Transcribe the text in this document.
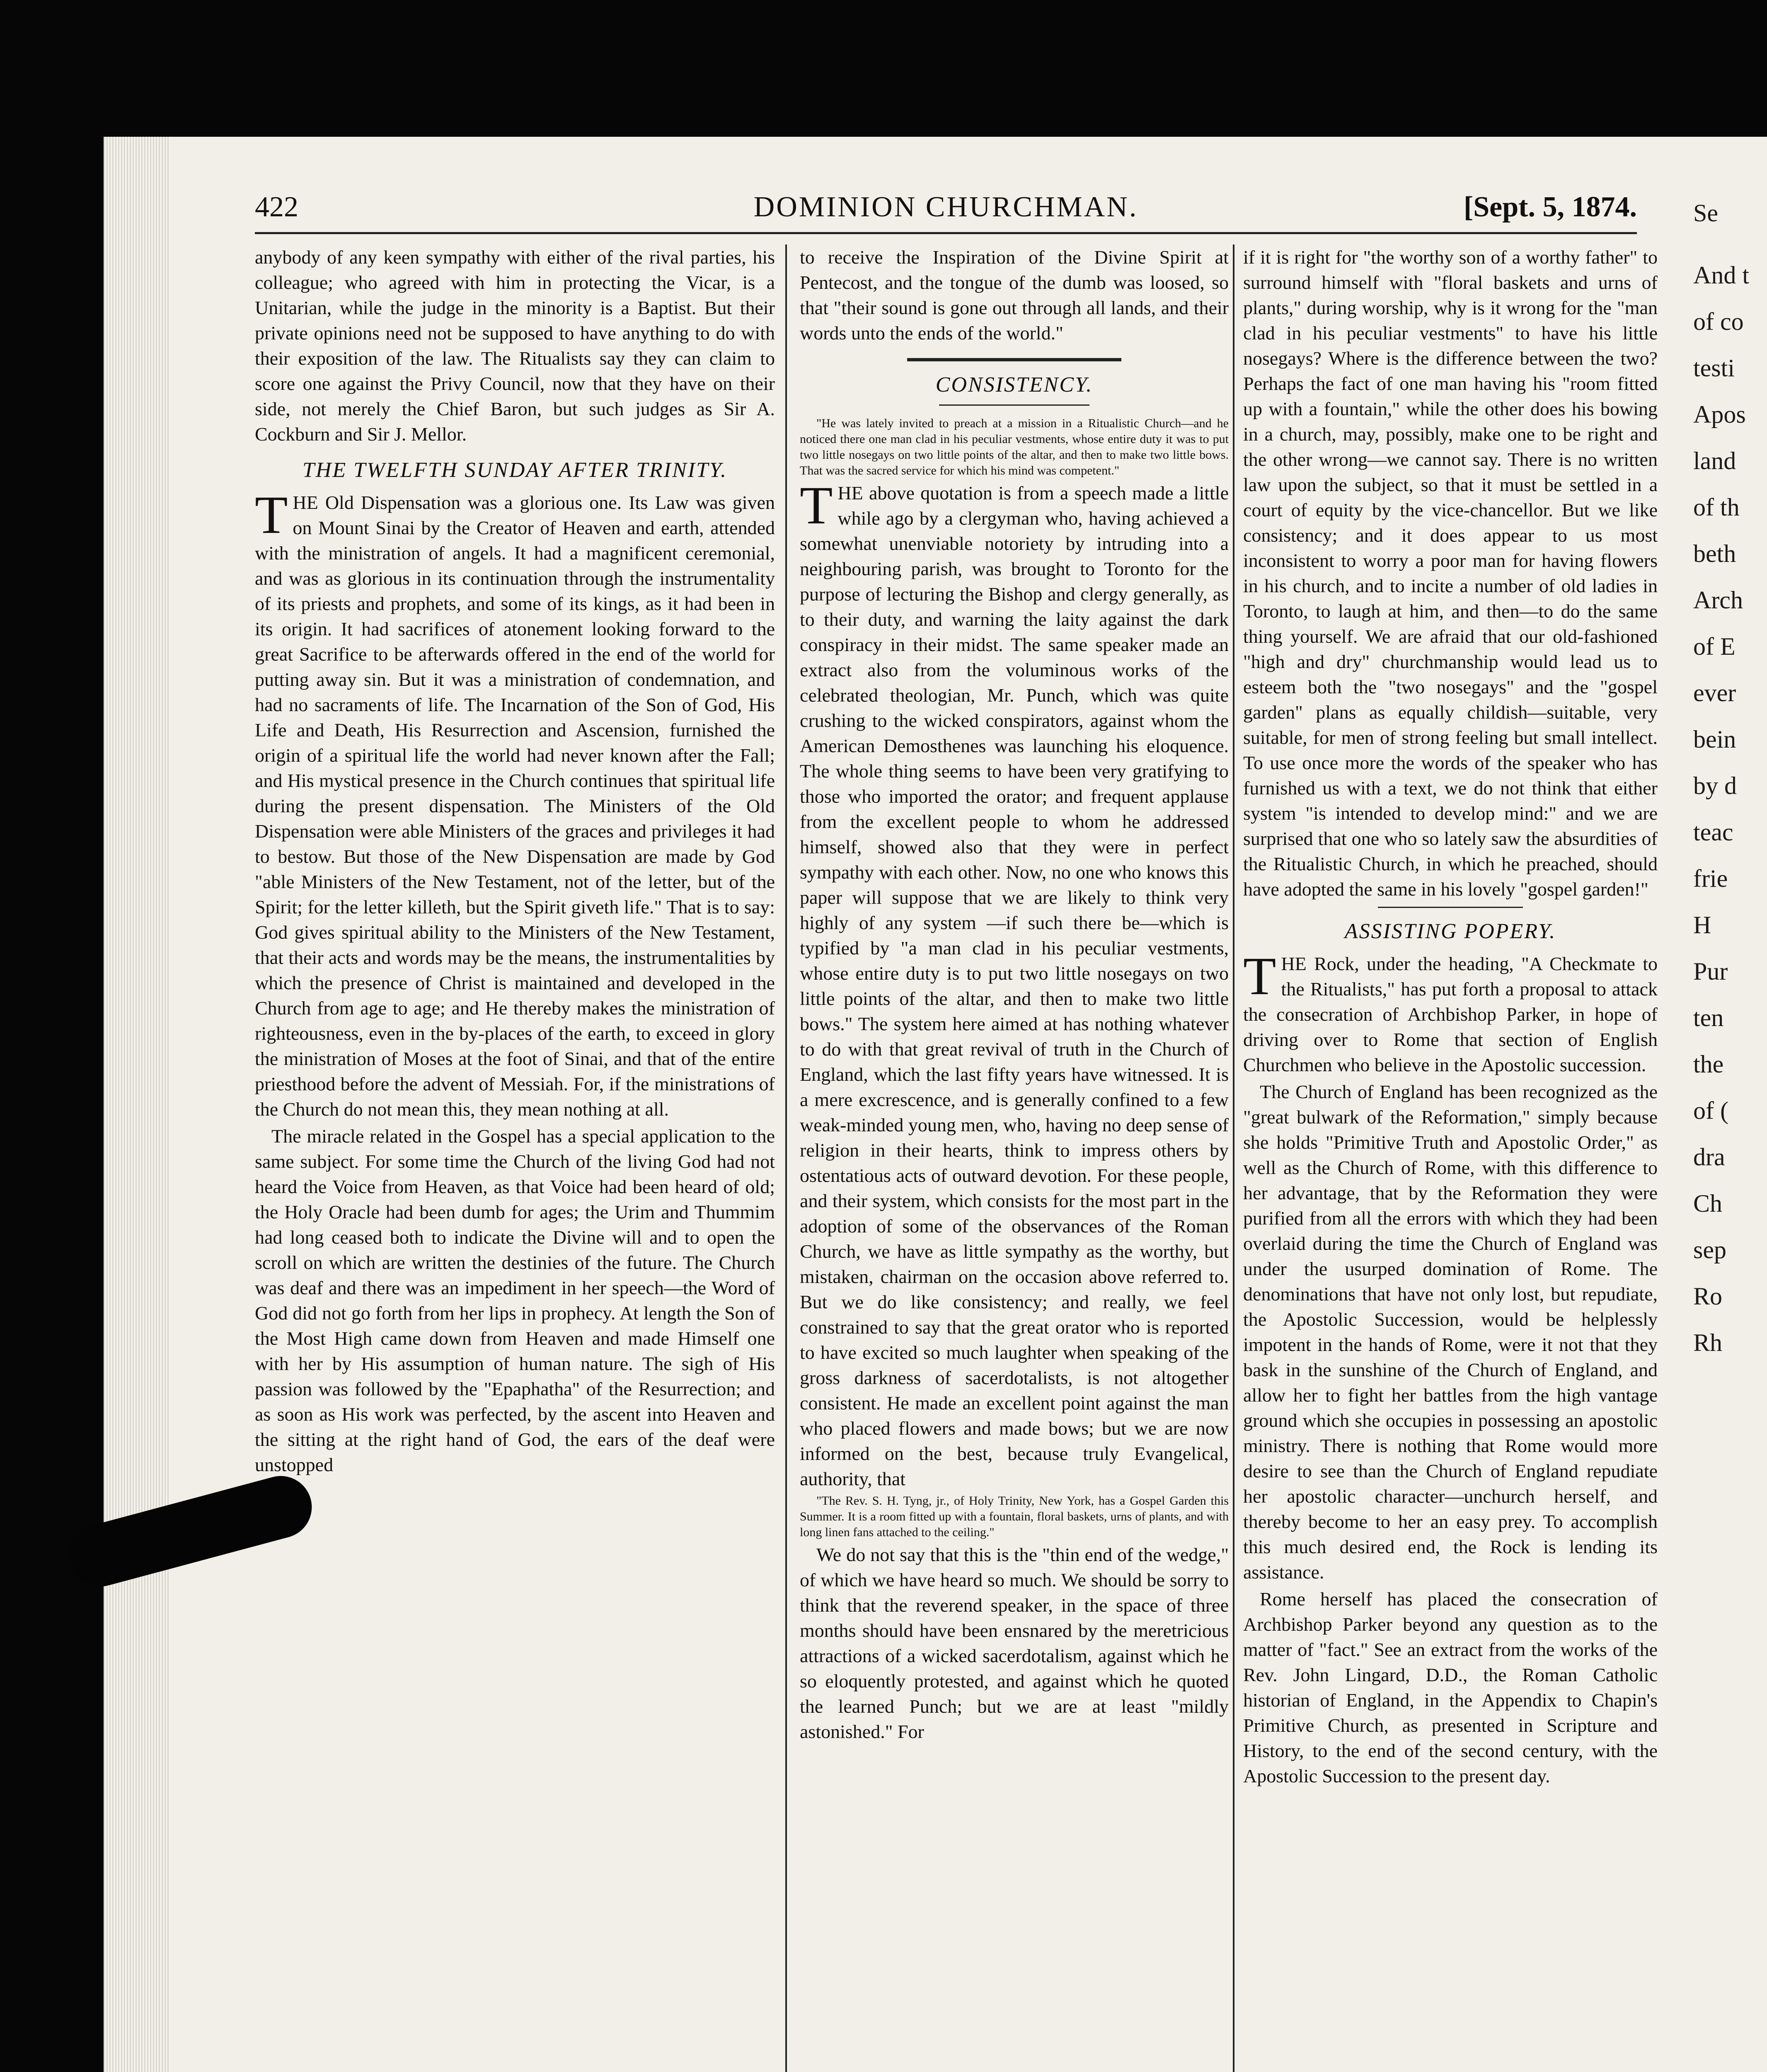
Se
And t
of co
testi
Apos
land
of th
beth
Arch
of E
ever
bein
by d
teac
frie
H
Pur
ten
the
of (
dra
Ch
sep
Ro
Rh
422	DOMINION CHURCHMAN.	[Sept. 5, 1874.

anybody of any keen sympathy with either of the rival parties, his colleague; who agreed with him in protecting the Vicar, is a Unitarian, while the judge in the minority is a Baptist. But their private opinions need not be supposed to have anything to do with their exposition of the law. The Ritualists say they can claim to score one against the Privy Council, now that they have on their side, not merely the Chief Baron, but such judges as Sir A. Cockburn and Sir J. Mellor.

THE TWELFTH SUNDAY AFTER TRINITY.

THE Old Dispensation was a glorious one. Its Law was given on Mount Sinai by the Creator of Heaven and earth, attended with the ministration of angels. It had a magnificent ceremonial, and was as glorious in its continuation through the instrumentality of its priests and prophets, and some of its kings, as it had been in its origin. It had sacrifices of atonement looking forward to the great Sacrifice to be afterwards offered in the end of the world for putting away sin. But it was a ministration of condemnation, and had no sacraments of life. The Incarnation of the Son of God, His Life and Death, His Resurrection and Ascension, furnished the origin of a spiritual life the world had never known after the Fall; and His mystical presence in the Church continues that spiritual life during the present dispensation. The Ministers of the Old Dispensation were able Ministers of the graces and privileges it had to bestow. But those of the New Dispensation are made by God "able Ministers of the New Testament, not of the letter, but of the Spirit; for the letter killeth, but the Spirit giveth life." That is to say: God gives spiritual ability to the Ministers of the New Testament, that their acts and words may be the means, the instrumentalities by which the presence of Christ is maintained and developed in the Church from age to age; and He thereby makes the ministration of righteousness, even in the by-places of the earth, to exceed in glory the ministration of Moses at the foot of Sinai, and that of the entire priesthood before the advent of Messiah. For, if the ministrations of the Church do not mean this, they mean nothing at all.

The miracle related in the Gospel has a special application to the same subject. For some time the Church of the living God had not heard the Voice from Heaven, as that Voice had been heard of old; the Holy Oracle had been dumb for ages; the Urim and Thummim had long ceased both to indicate the Divine will and to open the scroll on which are written the destinies of the future. The Church was deaf and there was an impediment in her speech—the Word of God did not go forth from her lips in prophecy. At length the Son of the Most High came down from Heaven and made Himself one with her by His assumption of human nature. The sigh of His passion was followed by the "Epaphatha" of the Resurrection; and as soon as His work was perfected, by the ascent into Heaven and the sitting at the right hand of God, the ears of the deaf were unstopped

to receive the Inspiration of the Divine Spirit at Pentecost, and the tongue of the dumb was loosed, so that "their sound is gone out through all lands, and their words unto the ends of the world."

CONSISTENCY.

"He was lately invited to preach at a mission in a Ritualistic Church—and he noticed there one man clad in his peculiar vestments, whose entire duty it was to put two little nosegays on two little points of the altar, and then to make two little bows. That was the sacred service for which his mind was competent."

THE above quotation is from a speech made a little while ago by a clergyman who, having achieved a somewhat unenviable notoriety by intruding into a neighbouring parish, was brought to Toronto for the purpose of lecturing the Bishop and clergy generally, as to their duty, and warning the laity against the dark conspiracy in their midst. The same speaker made an extract also from the voluminous works of the celebrated theologian, Mr. Punch, which was quite crushing to the wicked conspirators, against whom the American Demosthenes was launching his eloquence. The whole thing seems to have been very gratifying to those who imported the orator; and frequent applause from the excellent people to whom he addressed himself, showed also that they were in perfect sympathy with each other. Now, no one who knows this paper will suppose that we are likely to think very highly of any system —if such there be—which is typified by "a man clad in his peculiar vestments, whose entire duty is to put two little nosegays on two little points of the altar, and then to make two little bows." The system here aimed at has nothing whatever to do with that great revival of truth in the Church of England, which the last fifty years have witnessed. It is a mere excrescence, and is generally confined to a few weak-minded young men, who, having no deep sense of religion in their hearts, think to impress others by ostentatious acts of outward devotion. For these people, and their system, which consists for the most part in the adoption of some of the observances of the Roman Church, we have as little sympathy as the worthy, but mistaken, chairman on the occasion above referred to. But we do like consistency; and really, we feel constrained to say that the great orator who is reported to have excited so much laughter when speaking of the gross darkness of sacerdotalists, is not altogether consistent. He made an excellent point against the man who placed flowers and made bows; but we are now informed on the best, because truly Evangelical, authority, that

"The Rev. S. H. Tyng, jr., of Holy Trinity, New York, has a Gospel Garden this Summer. It is a room fitted up with a fountain, floral baskets, urns of plants, and with long linen fans attached to the ceiling."

We do not say that this is the "thin end of the wedge," of which we have heard so much. We should be sorry to think that the reverend speaker, in the space of three months should have been ensnared by the meretricious attractions of a wicked sacerdotalism, against which he so eloquently protested, and against which he quoted the learned Punch; but we are at least "mildly astonished." For

if it is right for "the worthy son of a worthy father" to surround himself with "floral baskets and urns of plants," during worship, why is it wrong for the "man clad in his peculiar vestments" to have his little nosegays? Where is the difference between the two? Perhaps the fact of one man having his "room fitted up with a fountain," while the other does his bowing in a church, may, possibly, make one to be right and the other wrong—we cannot say. There is no written law upon the subject, so that it must be settled in a court of equity by the vice-chancellor. But we like consistency; and it does appear to us most inconsistent to worry a poor man for having flowers in his church, and to incite a number of old ladies in Toronto, to laugh at him, and then—to do the same thing yourself. We are afraid that our old-fashioned "high and dry" churchmanship would lead us to esteem both the "two nosegays" and the "gospel garden" plans as equally childish—suitable, very suitable, for men of strong feeling but small intellect. To use once more the words of the speaker who has furnished us with a text, we do not think that either system "is intended to develop mind:" and we are surprised that one who so lately saw the absurdities of the Ritualistic Church, in which he preached, should have adopted the same in his lovely "gospel garden!"

ASSISTING POPERY.

THE Rock, under the heading, "A Checkmate to the Ritualists," has put forth a proposal to attack the consecration of Archbishop Parker, in hope of driving over to Rome that section of English Churchmen who believe in the Apostolic succession.

The Church of England has been recognized as the "great bulwark of the Reformation," simply because she holds "Primitive Truth and Apostolic Order," as well as the Church of Rome, with this difference to her advantage, that by the Reformation they were purified from all the errors with which they had been overlaid during the time the Church of England was under the usurped domination of Rome. The denominations that have not only lost, but repudiate, the Apostolic Succession, would be helplessly impotent in the hands of Rome, were it not that they bask in the sunshine of the Church of England, and allow her to fight her battles from the high vantage ground which she occupies in possessing an apostolic ministry. There is nothing that Rome would more desire to see than the Church of England repudiate her apostolic character—unchurch herself, and thereby become to her an easy prey. To accomplish this much desired end, the Rock is lending its assistance.

Rome herself has placed the consecration of Archbishop Parker beyond any question as to the matter of "fact." See an extract from the works of the Rev. John Lingard, D.D., the Roman Catholic historian of England, in the Appendix to Chapin's Primitive Church, as presented in Scripture and History, to the end of the second century, with the Apostolic Succession to the present day.
